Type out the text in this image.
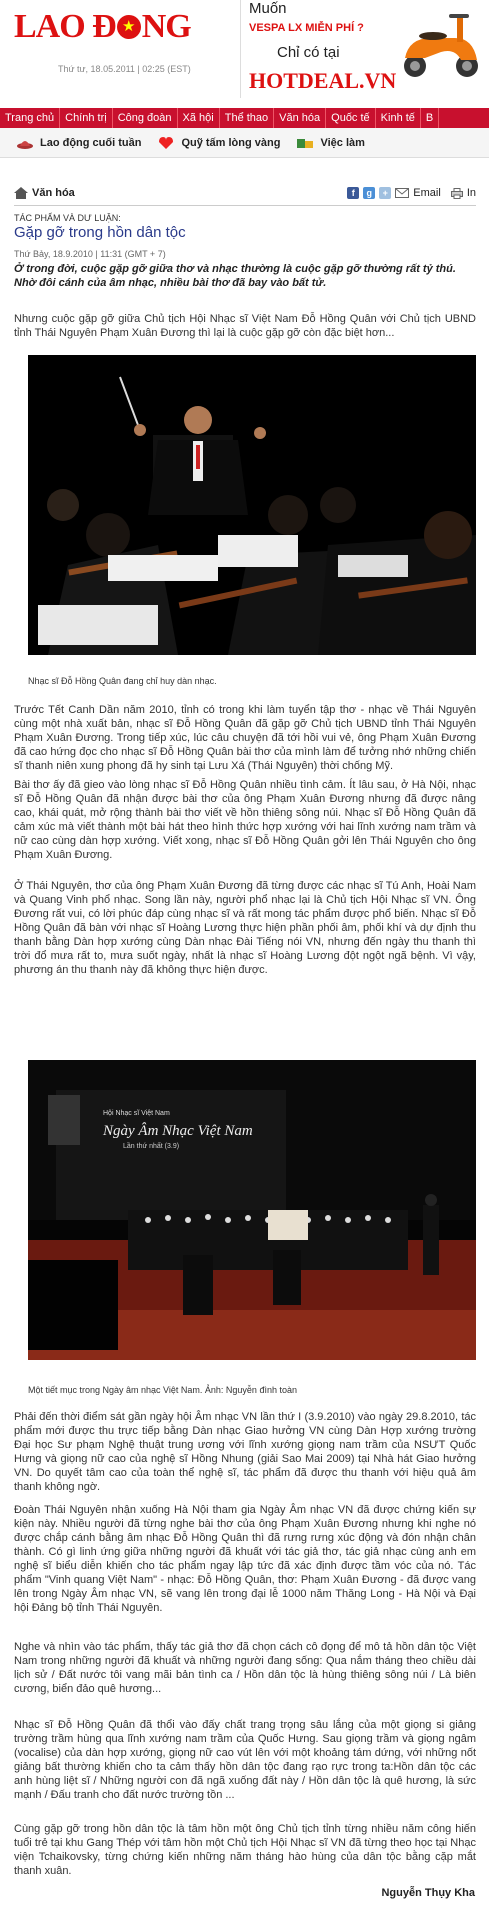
LAO Đ ★ NG
Thứ tư, 18.05.2011 | 02:25 (EST)
Muốn
VESPA LX MIỄN PHÍ ?
Chỉ có tại
HOTDEAL.VN
Trang chủ	Chính trị	Công đoàn	Xã hội	Thể thao	Văn hóa	Quốc tế	Kinh tế	B
Lao động cuối tuần	Quỹ tấm lòng vàng	Việc làm
Văn hóa	f	g	+	Email In
TÁC PHẨM VÀ DƯ LUẬN:
Gặp gỡ trong hồn dân tộc
Thứ Bảy, 18.9.2010 | 11:31 (GMT + 7)
Ở trong đời, cuộc gặp gỡ giữa thơ và nhạc thường là cuộc gặp gỡ thường rất tỷ thú. Nhờ đôi cánh của âm nhạc, nhiều bài thơ đã bay vào bất tử.
Nhưng cuộc gặp gỡ giữa Chủ tịch Hội Nhạc sĩ Việt Nam Đỗ Hồng Quân với Chủ tịch UBND tỉnh Thái Nguyên Phạm Xuân Đương thì lại là cuộc gặp gỡ còn đặc biệt hơn...
Nhạc sĩ Đỗ Hồng Quân đang chỉ huy dàn nhạc.
Trước Tết Canh Dần năm 2010, tỉnh có trong khi làm tuyển tập thơ - nhạc về Thái Nguyên cùng một nhà xuất bản, nhạc sĩ Đỗ Hồng Quân đã gặp gỡ Chủ tịch UBND tỉnh Thái Nguyên Phạm Xuân Đương. Trong tiếp xúc, lúc câu chuyện đã tới hồi vui vẻ, ông Phạm Xuân Đương đã cao hứng đọc cho nhạc sĩ Đỗ Hồng Quân bài thơ của mình làm để tưởng nhớ những chiến sĩ thanh niên xung phong đã hy sinh tại Lưu Xá (Thái Nguyên) thời chống Mỹ.
Bài thơ ấy đã gieo vào lòng nhạc sĩ Đỗ Hồng Quân nhiều tình cảm. Ít lâu sau, ở Hà Nội, nhạc sĩ Đỗ Hồng Quân đã nhận được bài thơ của ông Phạm Xuân Đương nhưng đã được nâng cao, khái quát, mở rộng thành bài thơ viết về hồn thiêng sông núi. Nhạc sĩ Đỗ Hồng Quân đã cảm xúc mà viết thành một bài hát theo hình thức hợp xướng với hai lĩnh xướng nam trầm và nữ cao cùng dàn hợp xướng. Viết xong, nhạc sĩ Đỗ Hồng Quân gởi lên Thái Nguyên cho ông Phạm Xuân Đương.
Ở Thái Nguyên, thơ của ông Phạm Xuân Đương đã từng được các nhạc sĩ Tú Anh, Hoài Nam và Quang Vinh phổ nhạc. Song lần này, người phổ nhạc lại là Chủ tịch Hội Nhạc sĩ VN. Ông Đương rất vui, có lời phúc đáp cùng nhạc sĩ và rất mong tác phẩm được phổ biến. Nhạc sĩ Đỗ Hồng Quân đã bàn với nhạc sĩ Hoàng Lương thực hiện phần phối âm, phối khí và dự định thu thanh bằng Dàn hợp xướng cùng Dàn nhạc Đài Tiếng nói VN, nhưng đến ngày thu thanh thì trời đổ mưa rất to, mưa suốt ngày, nhất là nhạc sĩ Hoàng Lương đột ngột ngã bệnh. Vì vậy, phương án thu thanh này đã không thực hiện được.
Hội Nhạc sĩ Việt Nam
Ngày Âm Nhạc Việt Nam
Lần thứ nhất (3.9)
Một tiết mục trong Ngày âm nhạc Việt Nam. Ảnh: Nguyễn đình toàn
Phải đến thời điểm sát gần ngày hội Âm nhạc VN lần thứ I (3.9.2010) vào ngày 29.8.2010, tác phẩm mới được thu trực tiếp bằng Dàn nhạc Giao hưởng VN cùng Dàn Hợp xướng trường Đại học Sư phạm Nghệ thuật trung ương với lĩnh xướng giọng nam trầm của NSƯT Quốc Hưng và giọng nữ cao của nghệ sĩ Hồng Nhung (giải Sao Mai 2009) tại Nhà hát Giao hưởng VN. Do quyết tâm cao của toàn thể nghệ sĩ, tác phẩm đã được thu thanh với hiệu quả âm thanh không ngờ.
Đoàn Thái Nguyên nhận xuống Hà Nội tham gia Ngày Âm nhạc VN đã được chứng kiến sự kiện này. Nhiều người đã từng nghe bài thơ của ông Phạm Xuân Đương nhưng khi nghe nó được chắp cánh bằng âm nhạc Đỗ Hồng Quân thì đã rưng rưng xúc động và đón nhận chân thành. Có gì linh ứng giữa những người đã khuất với tác giả thơ, tác giả nhạc cùng anh em nghệ sĩ biểu diễn khiến cho tác phẩm ngay lập tức đã xác định được tầm vóc của nó. Tác phẩm "Vinh quang Việt Nam" - nhạc: Đỗ Hồng Quân, thơ: Phạm Xuân Đương - đã được vang lên trong Ngày Âm nhạc VN, sẽ vang lên trong đại lễ 1000 năm Thăng Long - Hà Nội và Đại hội Đảng bộ tỉnh Thái Nguyên.
Nghe và nhìn vào tác phẩm, thấy tác giả thơ đã chọn cách cô đọng để mô tả hồn dân tộc Việt Nam trong những người đã khuất và những người đang sống: Qua nắm tháng theo chiều dài lịch sử / Đất nước tôi vang mãi bản tình ca / Hồn dân tộc là hùng thiêng sông núi / Là biên cương, biển đảo quê hương...
Nhạc sĩ Đỗ Hồng Quân đã thổi vào đấy chất trang trọng sâu lắng của một giọng si giảng trường trầm hùng qua lĩnh xướng nam trầm của Quốc Hưng. Sau giọng trầm và giọng ngâm (vocalise) của dàn hợp xướng, giọng nữ cao vút lên với một khoảng tám dứng, với những nốt giảng bất thường khiến cho ta cảm thấy hồn dân tộc đang rạo rực trong ta:Hồn dân tộc các anh hùng liệt sĩ / Những người con đã ngã xuống đất này / Hồn dân tộc là quê hương, là sức mạnh / Đấu tranh cho đất nước trường tồn ...
Cùng gặp gỡ trong hồn dân tộc là tâm hồn một ông Chủ tịch tỉnh từng nhiều năm công hiến tuổi trẻ tại khu Gang Thép với tâm hồn một Chủ tịch Hội Nhạc sĩ VN đã từng theo học tại Nhạc viện Tchaikovsky, từng chứng kiến những năm tháng hào hùng của dân tộc bằng cặp mắt thanh xuân.
Nguyễn Thụy Kha
